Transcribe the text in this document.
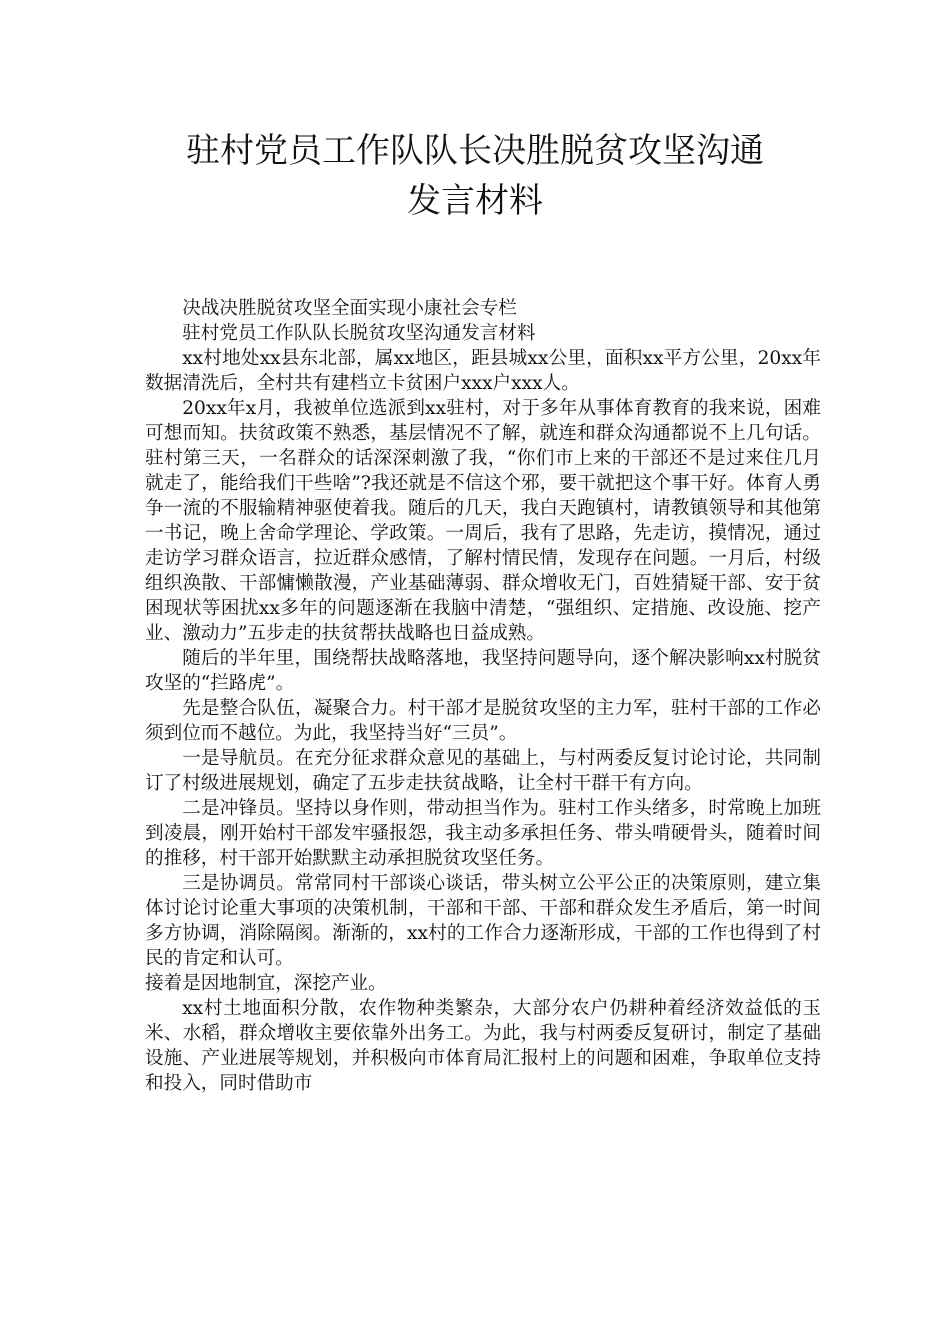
驻村党员工作队队长决胜脱贫攻坚沟通
发言材料

决战决胜脱贫攻坚全面实现小康社会专栏

驻村党员工作队队长脱贫攻坚沟通发言材料

xx村地处xx县东北部，属xx地区，距县城xx公里，面积xx平方公里，20xx年数据清洗后，全村共有建档立卡贫困户xxx户xxx人。

20xx年x月，我被单位选派到xx驻村，对于多年从事体育教育的我来说，困难可想而知。扶贫政策不熟悉，基层情况不了解，就连和群众沟通都说不上几句话。驻村第三天，一名群众的话深深刺激了我，“你们市上来的干部还不是过来住几月就走了，能给我们干些啥”?我还就是不信这个邪，要干就把这个事干好。体育人勇争一流的不服输精神驱使着我。随后的几天，我白天跑镇村，请教镇领导和其他第一书记，晚上舍命学理论、学政策。一周后，我有了思路，先走访，摸情况，通过走访学习群众语言，拉近群众感情，了解村情民情，发现存在问题。一月后，村级组织涣散、干部慵懒散漫，产业基础薄弱、群众增收无门，百姓猜疑干部、安于贫困现状等困扰xx多年的问题逐渐在我脑中清楚，“强组织、定措施、改设施、挖产业、激动力”五步走的扶贫帮扶战略也日益成熟。

随后的半年里，围绕帮扶战略落地，我坚持问题导向，逐个解决影响xx村脱贫攻坚的“拦路虎”。

先是整合队伍，凝聚合力。村干部才是脱贫攻坚的主力军，驻村干部的工作必须到位而不越位。为此，我坚持当好“三员”。

一是导航员。在充分征求群众意见的基础上，与村两委反复讨论讨论，共同制订了村级进展规划，确定了五步走扶贫战略，让全村干群干有方向。

二是冲锋员。坚持以身作则，带动担当作为。驻村工作头绪多，时常晚上加班到凌晨，刚开始村干部发牢骚报怨，我主动多承担任务、带头啃硬骨头，随着时间的推移，村干部开始默默主动承担脱贫攻坚任务。

三是协调员。常常同村干部谈心谈话，带头树立公平公正的决策原则，建立集体讨论讨论重大事项的决策机制，干部和干部、干部和群众发生矛盾后，第一时间多方协调，消除隔阂。渐渐的，xx村的工作合力逐渐形成，干部的工作也得到了村民的肯定和认可。

接着是因地制宜，深挖产业。

xx村土地面积分散，农作物种类繁杂，大部分农户仍耕种着经济效益低的玉米、水稻，群众增收主要依靠外出务工。为此，我与村两委反复研讨，制定了基础设施、产业进展等规划，并积极向市体育局汇报村上的问题和困难，争取单位支持和投入，同时借助市
